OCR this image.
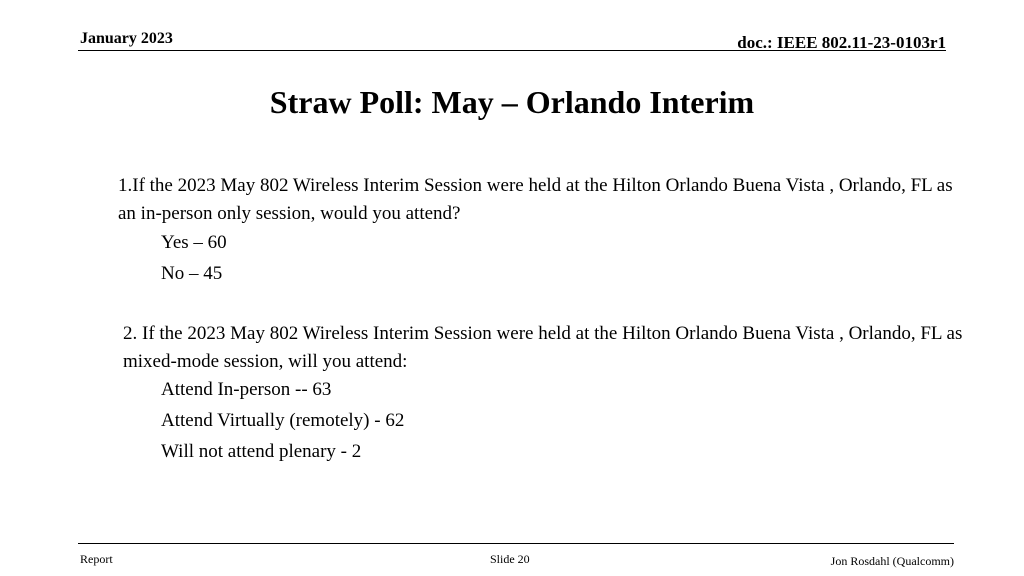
January 2023	doc.: IEEE 802.11-23-0103r1
Straw Poll: May – Orlando Interim
1.If the 2023 May 802 Wireless Interim Session were held at the Hilton Orlando Buena Vista , Orlando, FL as an in-person only session, would you attend?
Yes – 60
No – 45
2. If the 2023 May 802 Wireless Interim Session were held at the Hilton Orlando Buena Vista , Orlando, FL as mixed-mode session, will you attend:
Attend In-person -- 63
Attend Virtually (remotely) - 62
Will not attend plenary - 2
Report	Slide 20	Jon Rosdahl (Qualcomm)
